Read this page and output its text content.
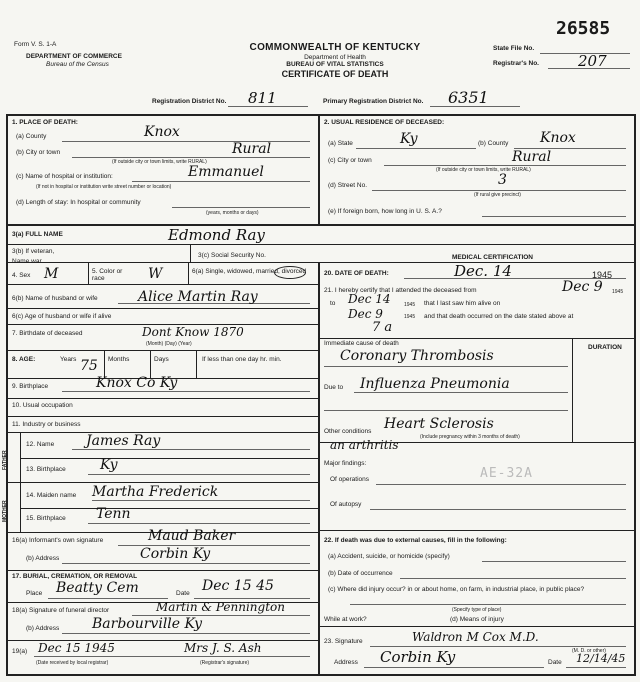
26585
Form V. S. 1-A
DEPARTMENT OF COMMERCE
Bureau of the Census
COMMONWEALTH OF KENTUCKY
Department of Health
BUREAU OF VITAL STATISTICS
CERTIFICATE OF DEATH
State File No.
Registrar's No.	207
Registration District No. 811	Primary Registration District No. 6351
1. PLACE OF DEATH:
(a) County	Knox
(b) City or town	Rural
(If outside city or town limits, write RURAL)
(c) Name of hospital or institution:	Emmanuel
(If not in hospital or institution write street number or location)
(d) Length of stay: In hospital or community
(years, months or days)
2. USUAL RESIDENCE OF DECEASED:
(a) State	Ky	(b) County Knox
(c) City or town	Rural
(If outside city or town limits, write RURAL)
(d) Street No.	3
(If rural give precinct)
(e) If foreign born, how long in U. S. A.?
3(a) FULL NAME	Edmond Ray
MEDICAL CERTIFICATION
3(b) If veteran,
3(c) Social Security No.
Name war
4. Sex M	5. Color or race	W	6(a) Single, widowed, married, divorced
6(b) Name of husband or wife	Alice Martin Ray
6(c) Age of husband or wife if alive
7. Birthdate of deceased	Dont Know 1870
(Month) (Day) (Year)
8. AGE:	Years 75 Months	Days	If less than one day hr. min.
9. Birthplace	Knox Co Ky
10. Usual occupation
11. Industry or business
FATHER
12. Name James Ray
13. Birthplace Ky
MOTHER
14. Maiden name Martha Frederick
15. Birthplace Tenn
16(a) Informant's own signature	Maud Baker
(b) Address	Corbin Ky
17. BURIAL, CREMATION, OR REMOVAL
Place Beatty Cem	Date Dec 15 45
18(a) Signature of funeral director	Martin & Pennington
(b) Address Barbourville Ky
19(a) Dec 15 1945	Mrs J. S. Ash
(Date received by local registrar)	(Registrar's signature)
20. DATE OF DEATH:	Dec. 14	1945
21. I hereby certify that I attended the deceased from	Dec 9 1945
to Dec 14	1945 that I last saw him alive on
Dec 9	1945 and that death occurred on the date stated above at
7 a
Immediate cause of death
DURATION
Coronary Thrombosis
Due to Influenza Pneumonia
Other conditions Heart Sclerosis
(Include pregnancy within 3 months of death)
an arthritis
Major findings:
AE-32A
Of operations
Of autopsy
22. If death was due to external causes, fill in the following:
(a) Accident, suicide, or homicide (specify)
(b) Date of occurrence
(c) Where did injury occur? in or about home, on farm, in industrial place, in public place?
(Specify type of place)
While at work?	(d) Means of injury
23. Signature	Waldron M Cox M.D.
(M. D. or other)
Address Corbin Ky	Date 12/14/45
